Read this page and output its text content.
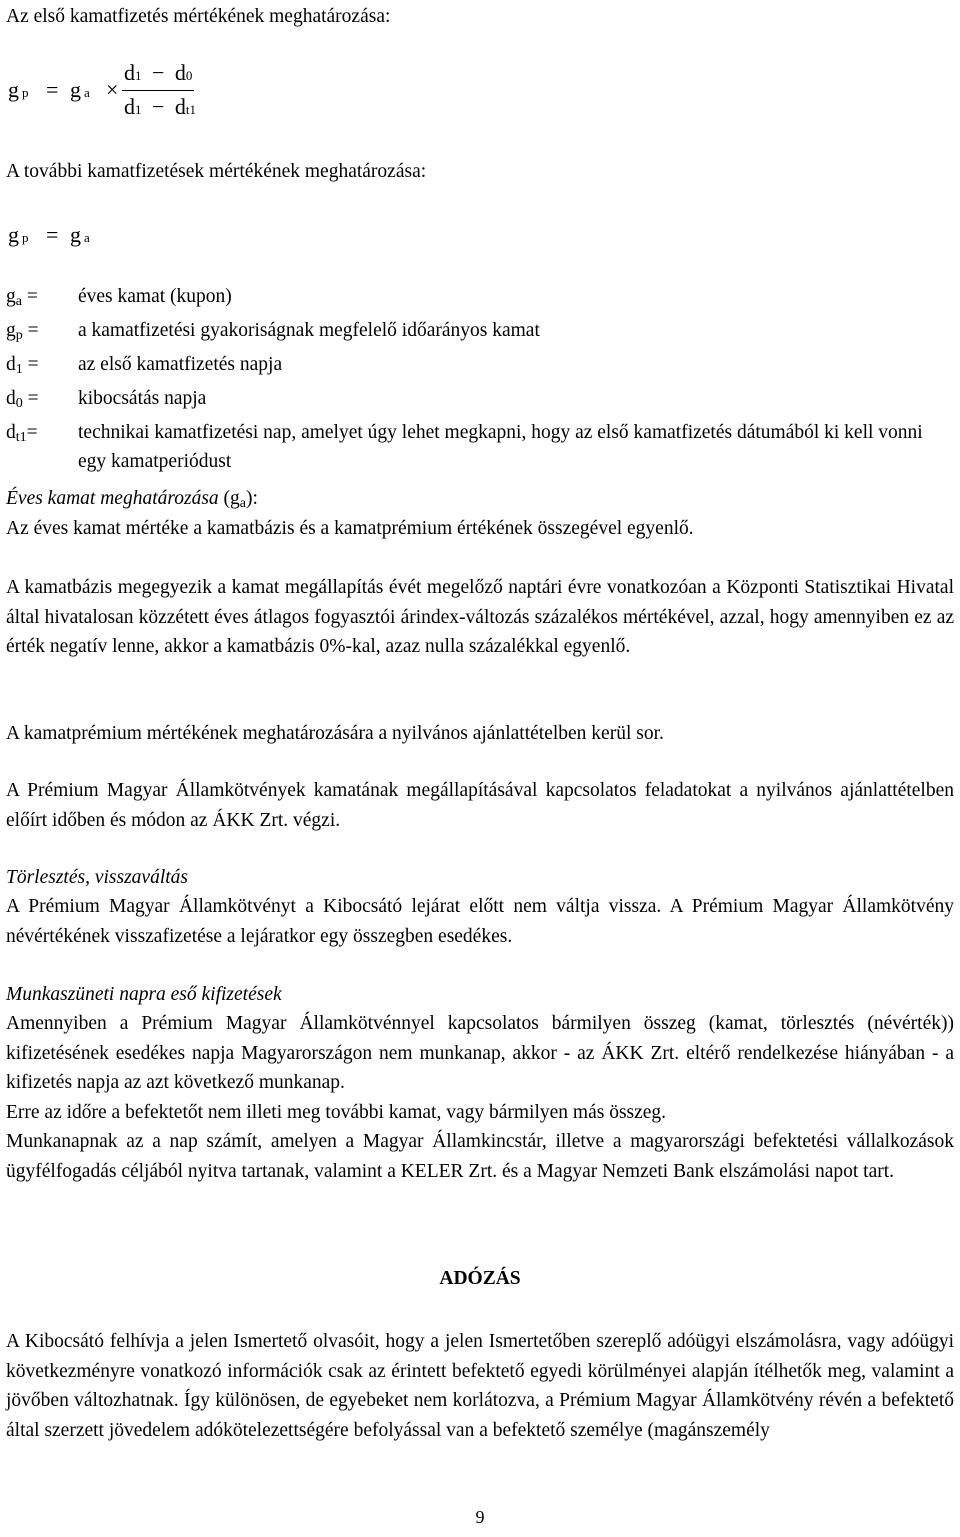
Az első kamatfizetés mértékének meghatározása:
gp = ga ×
d1 − d0
d1 − dt1
A további kamatfizetések mértékének meghatározása:
gp = ga
ga =	éves kamat (kupon)
gp =	a kamatfizetési gyakoriságnak megfelelő időarányos kamat
d1 =	az első kamatfizetés napja
d0 =	kibocsátás napja
dt1=	technikai kamatfizetési nap, amelyet úgy lehet megkapni, hogy az első kamatfizetés dátumából ki kell vonni egy kamatperiódust
Éves kamat meghatározása (ga):
Az éves kamat mértéke a kamatbázis és a kamatprémium értékének összegével egyenlő.
A kamatbázis megegyezik a kamat megállapítás évét megelőző naptári évre vonatkozóan a Központi Statisztikai Hivatal által hivatalosan közzétett éves átlagos fogyasztói árindex-változás százalékos mértékével, azzal, hogy amennyiben ez az érték negatív lenne, akkor a kamatbázis 0%-kal, azaz nulla százalékkal egyenlő.
A kamatprémium mértékének meghatározására a nyilvános ajánlattételben kerül sor.
A Prémium Magyar Államkötvények kamatának megállapításával kapcsolatos feladatokat a nyilvános ajánlattételben előírt időben és módon az ÁKK Zrt. végzi.
Törlesztés, visszaváltás
A Prémium Magyar Államkötvényt a Kibocsátó lejárat előtt nem váltja vissza. A Prémium Magyar Államkötvény névértékének visszafizetése a lejáratkor egy összegben esedékes.
Munkaszüneti napra eső kifizetések
Amennyiben a Prémium Magyar Államkötvénnyel kapcsolatos bármilyen összeg (kamat, törlesztés (névérték)) kifizetésének esedékes napja Magyarországon nem munkanap, akkor - az ÁKK Zrt. eltérő rendelkezése hiányában - a kifizetés napja az azt következő munkanap.
Erre az időre a befektetőt nem illeti meg további kamat, vagy bármilyen más összeg.
Munkanapnak az a nap számít, amelyen a Magyar Államkincstár, illetve a magyarországi befektetési vállalkozások ügyfélfogadás céljából nyitva tartanak, valamint a KELER Zrt. és a Magyar Nemzeti Bank elszámolási napot tart.
ADÓZÁS
A Kibocsátó felhívja a jelen Ismertető olvasóit, hogy a jelen Ismertetőben szereplő adóügyi elszámolásra, vagy adóügyi következményre vonatkozó információk csak az érintett befektető egyedi körülményei alapján ítélhetők meg, valamint a jövőben változhatnak. Így különösen, de egyebeket nem korlátozva, a Prémium Magyar Államkötvény révén a befektető által szerzett jövedelem adókötelezettségére befolyással van a befektető személye (magánszemély
9
